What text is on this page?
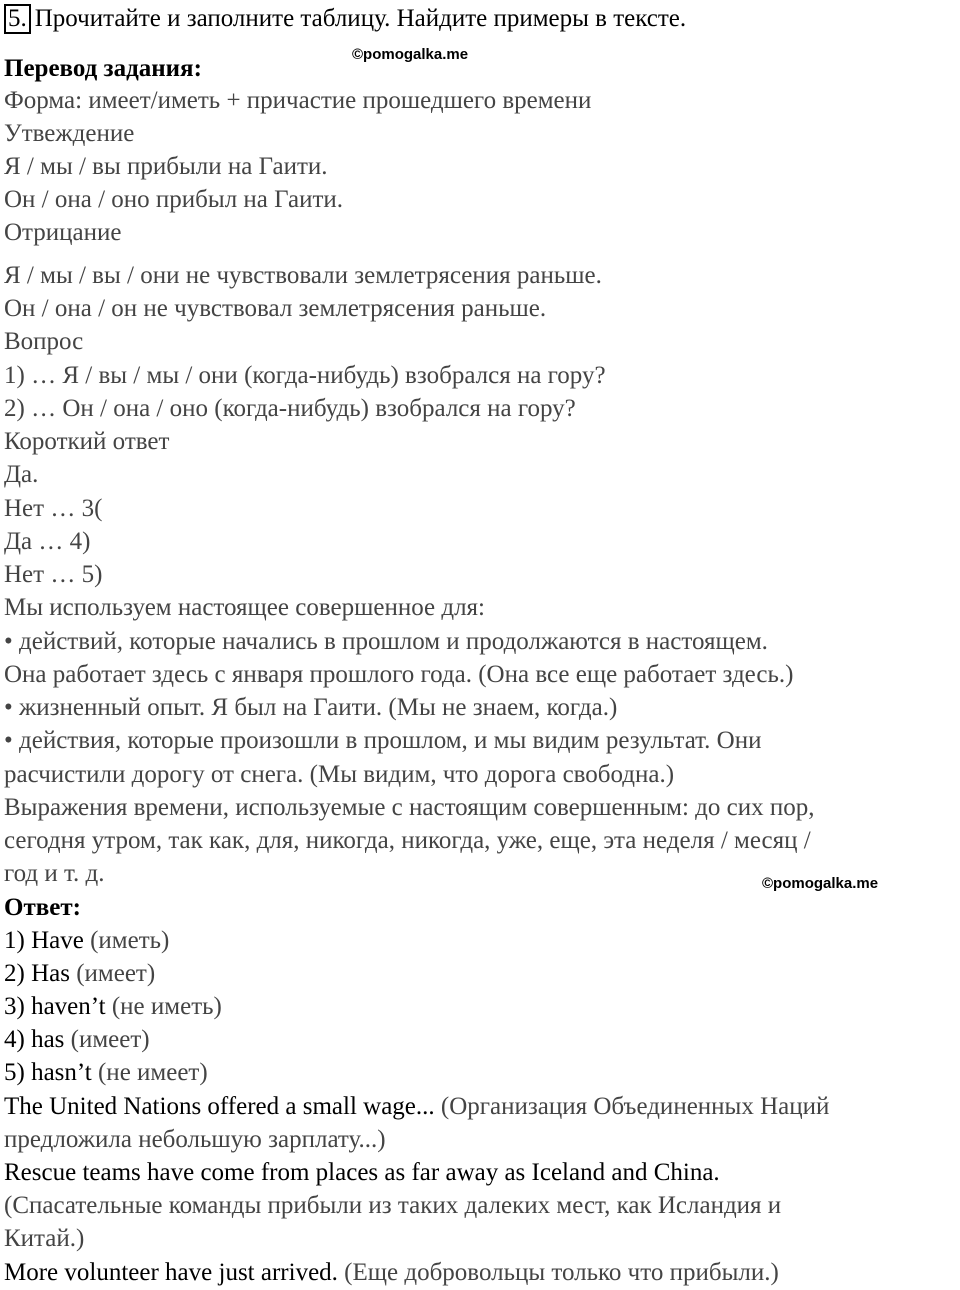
5. Прочитайте и заполните таблицу. Найдите примеры в тексте.
©pomogalka.me
Перевод задания:
Форма: имеет/иметь + причастие прошедшего времени
Утвеждение
Я / мы / вы прибыли на Гаити.
Он / она / оно прибыл на Гаити.
Отрицание
Я / мы / вы / они не чувствовали землетрясения раньше.
Он / она / он не чувствовал землетрясения раньше.
Вопрос
1) … Я / вы / мы / они (когда-нибудь) взобрался на гору?
2) … Он / она / оно (когда-нибудь) взобрался на гору?
Короткий ответ
Да.
Нет … 3(
Да … 4)
Нет … 5)
Мы используем настоящее совершенное для:
• действий, которые начались в прошлом и продолжаются в настоящем.
Она работает здесь с января прошлого года. (Она все еще работает здесь.)
• жизненный опыт. Я был на Гаити. (Мы не знаем, когда.)
• действия, которые произошли в прошлом, и мы видим результат. Они
расчистили дорогу от снега. (Мы видим, что дорога свободна.)
Выражения времени, используемые с настоящим совершенным: до сих пор,
сегодня утром, так как, для, никогда, никогда, уже, еще, эта неделя / месяц /
год и т. д.	©pomogalka.me
Ответ:
1) Have (иметь)
2) Has (имеет)
3) haven’t (не иметь)
4) has (имеет)
5) hasn’t (не имеет)
The United Nations offered a small wage... (Организация Объединенных Наций
предложила небольшую зарплату...)
Rescue teams have come from places as far away as Iceland and China.
(Спасательные команды прибыли из таких далеких мест, как Исландия и
Китай.)
More volunteer have just arrived. (Еще добровольцы только что прибыли.)
